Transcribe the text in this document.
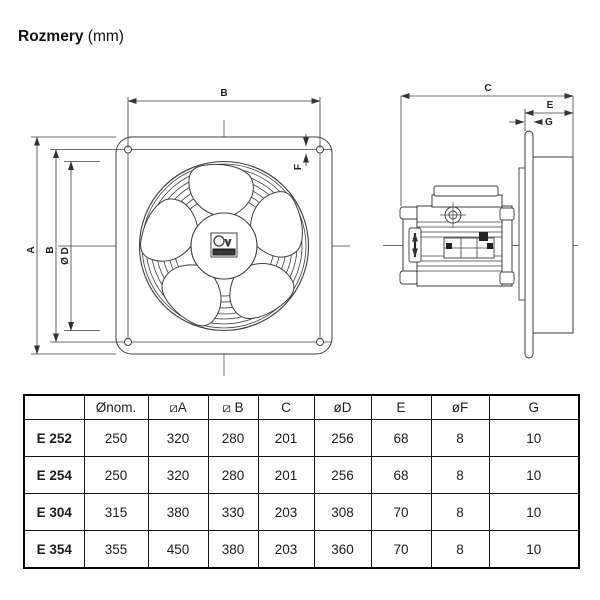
Rozmery (mm)
V
VORTICE
B
A B Ø D
F
C
E
G
	Ønom.	⧄A	⧄ B	C	øD	E	øF	G
E 252	250	320	280	201	256	68	8	10
E 254	250	320	280	201	256	68	8	10
E 304	315	380	330	203	308	70	8	10
E 354	355	450	380	203	360	70	8	10
